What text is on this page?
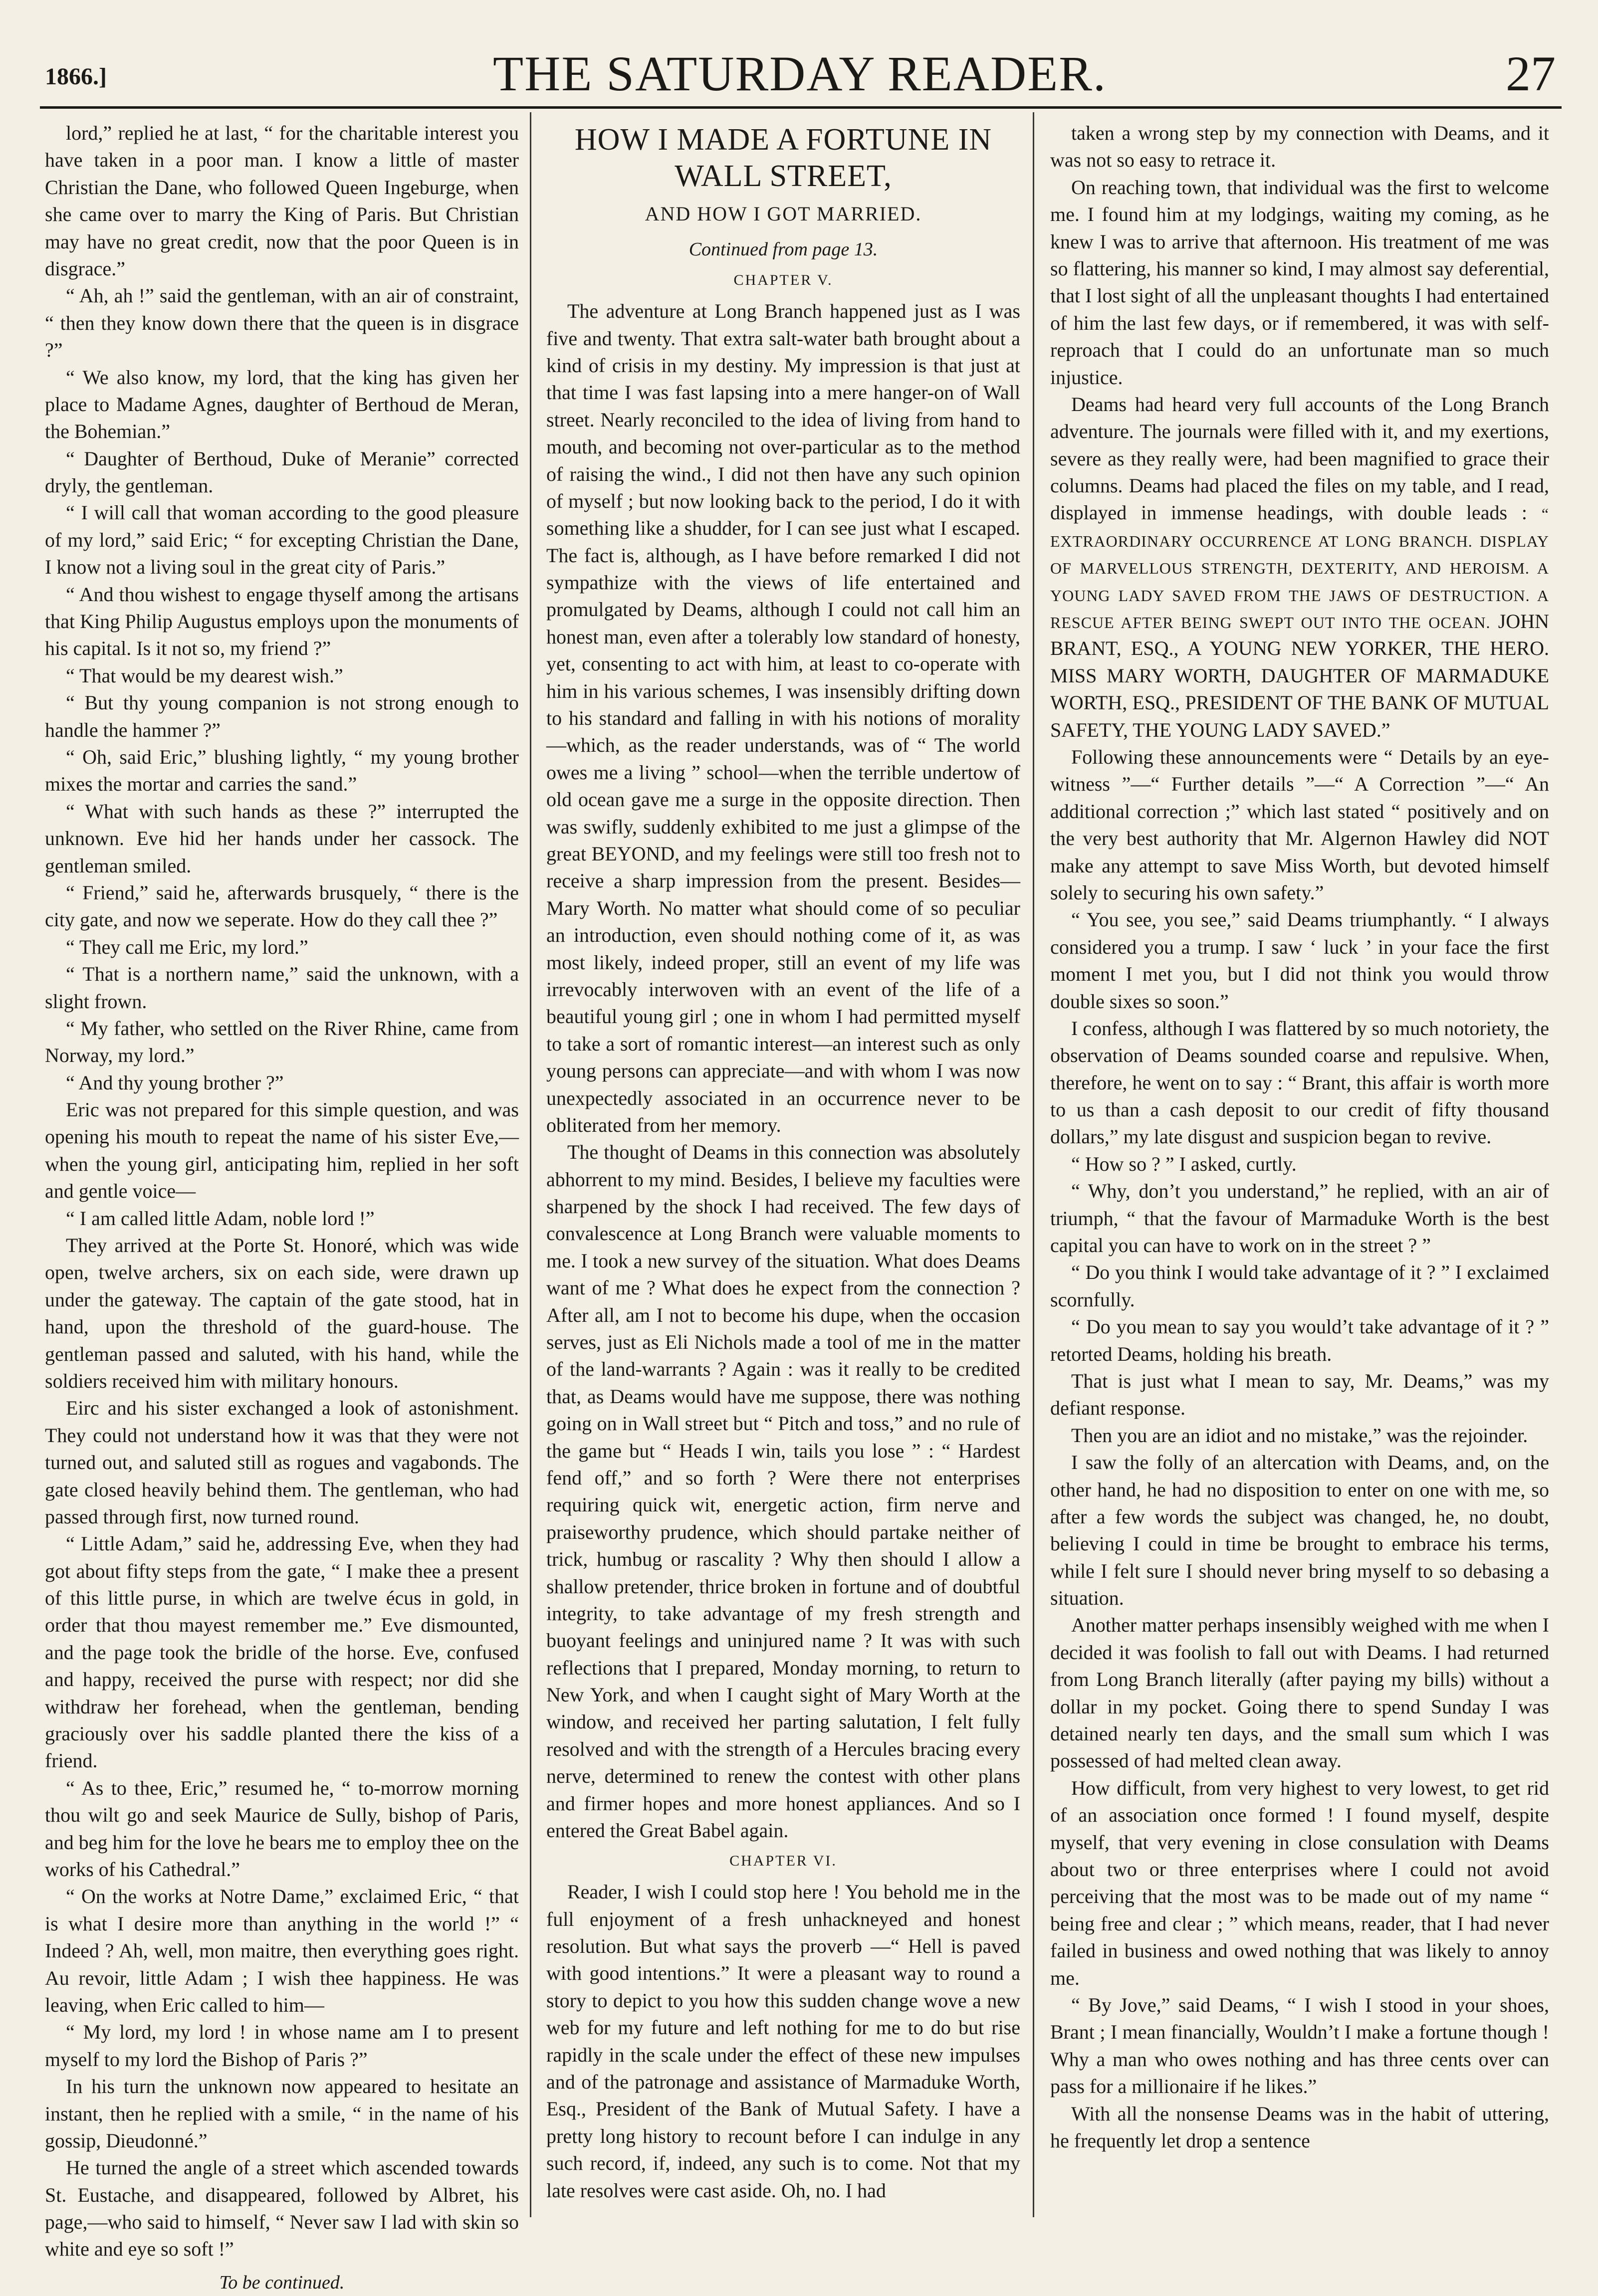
1866.]	THE SATURDAY READER.	27

lord,” replied he at last, “ for the charitable interest you have taken in a poor man. I know a little of master Christian the Dane, who followed Queen Ingeburge, when she came over to marry the King of Paris. But Christian may have no great credit, now that the poor Queen is in disgrace.”

“ Ah, ah !” said the gentleman, with an air of constraint, “ then they know down there that the queen is in disgrace ?”

“ We also know, my lord, that the king has given her place to Madame Agnes, daughter of Berthoud de Meran, the Bohemian.”

“ Daughter of Berthoud, Duke of Meranie” corrected dryly, the gentleman.

“ I will call that woman according to the good pleasure of my lord,” said Eric; “ for excepting Christian the Dane, I know not a living soul in the great city of Paris.”

“ And thou wishest to engage thyself among the artisans that King Philip Augustus employs upon the monuments of his capital. Is it not so, my friend ?”

“ That would be my dearest wish.”

“ But thy young companion is not strong enough to handle the hammer ?”

“ Oh, said Eric,” blushing lightly, “ my young brother mixes the mortar and carries the sand.”

“ What with such hands as these ?” interrupted the unknown. Eve hid her hands under her cassock. The gentleman smiled.

“ Friend,” said he, afterwards brusquely, “ there is the city gate, and now we seperate. How do they call thee ?”

“ They call me Eric, my lord.”

“ That is a northern name,” said the unknown, with a slight frown.

“ My father, who settled on the River Rhine, came from Norway, my lord.”

“ And thy young brother ?”

Eric was not prepared for this simple question, and was opening his mouth to repeat the name of his sister Eve,—when the young girl, anticipating him, replied in her soft and gentle voice—

“ I am called little Adam, noble lord !”

They arrived at the Porte St. Honoré, which was wide open, twelve archers, six on each side, were drawn up under the gateway. The captain of the gate stood, hat in hand, upon the threshold of the guard-house. The gentleman passed and saluted, with his hand, while the soldiers received him with military honours.

Eirc and his sister exchanged a look of astonishment. They could not understand how it was that they were not turned out, and saluted still as rogues and vagabonds. The gate closed heavily behind them. The gentleman, who had passed through first, now turned round.

“ Little Adam,” said he, addressing Eve, when they had got about fifty steps from the gate, “ I make thee a present of this little purse, in which are twelve écus in gold, in order that thou mayest remember me.” Eve dismounted, and the page took the bridle of the horse. Eve, confused and happy, received the purse with respect; nor did she withdraw her forehead, when the gentleman, bending graciously over his saddle planted there the kiss of a friend.

“ As to thee, Eric,” resumed he, “ to-morrow morning thou wilt go and seek Maurice de Sully, bishop of Paris, and beg him for the love he bears me to employ thee on the works of his Cathedral.”

“ On the works at Notre Dame,” exclaimed Eric, “ that is what I desire more than anything in the world !” “ Indeed ? Ah, well, mon maitre, then everything goes right. Au revoir, little Adam ; I wish thee happiness. He was leaving, when Eric called to him—

“ My lord, my lord ! in whose name am I to present myself to my lord the Bishop of Paris ?”

In his turn the unknown now appeared to hesitate an instant, then he replied with a smile, “ in the name of his gossip, Dieudonné.”

He turned the angle of a street which ascended towards St. Eustache, and disappeared, followed by Albret, his page,—who said to himself, “ Never saw I lad with skin so white and eye so soft !”

To be continued.
HOW I MADE A FORTUNE IN WALL STREET,
AND HOW I GOT MARRIED.
Continued from page 13.
CHAPTER V.

The adventure at Long Branch happened just as I was five and twenty. That extra salt-water bath brought about a kind of crisis in my destiny. My impression is that just at that time I was fast lapsing into a mere hanger-on of Wall street. Nearly reconciled to the idea of living from hand to mouth, and becoming not over-particular as to the method of raising the wind., I did not then have any such opinion of myself ; but now looking back to the period, I do it with something like a shudder, for I can see just what I escaped. The fact is, although, as I have before remarked I did not sympathize with the views of life entertained and promulgated by Deams, although I could not call him an honest man, even after a tolerably low standard of honesty, yet, consenting to act with him, at least to co-operate with him in his various schemes, I was insensibly drifting down to his standard and falling in with his notions of morality—which, as the reader understands, was of “ The world owes me a living ” school—when the terrible undertow of old ocean gave me a surge in the opposite direction. Then was swifly, suddenly exhibited to me just a glimpse of the great BEYOND, and my feelings were still too fresh not to receive a sharp impression from the present. Besides—Mary Worth. No matter what should come of so peculiar an introduction, even should nothing come of it, as was most likely, indeed proper, still an event of my life was irrevocably interwoven with an event of the life of a beautiful young girl ; one in whom I had permitted myself to take a sort of romantic interest—an interest such as only young persons can appreciate—and with whom I was now unexpectedly associated in an occurrence never to be obliterated from her memory.

The thought of Deams in this connection was absolutely abhorrent to my mind. Besides, I believe my faculties were sharpened by the shock I had received. The few days of convalescence at Long Branch were valuable moments to me. I took a new survey of the situation. What does Deams want of me ? What does he expect from the connection ? After all, am I not to become his dupe, when the occasion serves, just as Eli Nichols made a tool of me in the matter of the land-warrants ? Again : was it really to be credited that, as Deams would have me suppose, there was nothing going on in Wall street but “ Pitch and toss,” and no rule of the game but “ Heads I win, tails you lose ” : “ Hardest fend off,” and so forth ? Were there not enterprises requiring quick wit, energetic action, firm nerve and praiseworthy prudence, which should partake neither of trick, humbug or rascality ? Why then should I allow a shallow pretender, thrice broken in fortune and of doubtful integrity, to take advantage of my fresh strength and buoyant feelings and uninjured name ? It was with such reflections that I prepared, Monday morning, to return to New York, and when I caught sight of Mary Worth at the window, and received her parting salutation, I felt fully resolved and with the strength of a Hercules bracing every nerve, determined to renew the contest with other plans and firmer hopes and more honest appliances. And so I entered the Great Babel again.

CHAPTER VI.

Reader, I wish I could stop here ! You behold me in the full enjoyment of a fresh unhackneyed and honest resolution. But what says the proverb —“ Hell is paved with good intentions.” It were a pleasant way to round a story to depict to you how this sudden change wove a new web for my future and left nothing for me to do but rise rapidly in the scale under the effect of these new impulses and of the patronage and assistance of Marmaduke Worth, Esq., President of the Bank of Mutual Safety. I have a pretty long history to recount before I can indulge in any such record, if, indeed, any such is to come. Not that my late resolves were cast aside. Oh, no. I had

taken a wrong step by my connection with Deams, and it was not so easy to retrace it.

On reaching town, that individual was the first to welcome me. I found him at my lodgings, waiting my coming, as he knew I was to arrive that afternoon. His treatment of me was so flattering, his manner so kind, I may almost say deferential, that I lost sight of all the unpleasant thoughts I had entertained of him the last few days, or if remembered, it was with self-reproach that I could do an unfortunate man so much injustice.

Deams had heard very full accounts of the Long Branch adventure. The journals were filled with it, and my exertions, severe as they really were, had been magnified to grace their columns. Deams had placed the files on my table, and I read, displayed in immense headings, with double leads : “ EXTRAORDINARY OCCURRENCE AT LONG BRANCH. DISPLAY OF MARVELLOUS STRENGTH, DEXTERITY, AND HEROISM. A YOUNG LADY SAVED FROM THE JAWS OF DESTRUCTION. A RESCUE AFTER BEING SWEPT OUT INTO THE OCEAN. JOHN BRANT, ESQ., A YOUNG NEW YORKER, THE HERO. MISS MARY WORTH, DAUGHTER OF MARMADUKE WORTH, ESQ., PRESIDENT OF THE BANK OF MUTUAL SAFETY, THE YOUNG LADY SAVED.”

Following these announcements were “ Details by an eye-witness ”—“ Further details ”—“ A Correction ”—“ An additional correction ;” which last stated “ positively and on the very best authority that Mr. Algernon Hawley did NOT make any attempt to save Miss Worth, but devoted himself solely to securing his own safety.”

“ You see, you see,” said Deams triumphantly. “ I always considered you a trump. I saw ‘ luck ’ in your face the first moment I met you, but I did not think you would throw double sixes so soon.”

I confess, although I was flattered by so much notoriety, the observation of Deams sounded coarse and repulsive. When, therefore, he went on to say : “ Brant, this affair is worth more to us than a cash deposit to our credit of fifty thousand dollars,” my late disgust and suspicion began to revive.

“ How so ? ” I asked, curtly.

“ Why, don’t you understand,” he replied, with an air of triumph, “ that the favour of Marmaduke Worth is the best capital you can have to work on in the street ? ”

“ Do you think I would take advantage of it ? ” I exclaimed scornfully.

“ Do you mean to say you would’t take advantage of it ? ” retorted Deams, holding his breath.

That is just what I mean to say, Mr. Deams,” was my defiant response.

Then you are an idiot and no mistake,” was the rejoinder.

I saw the folly of an altercation with Deams, and, on the other hand, he had no disposition to enter on one with me, so after a few words the subject was changed, he, no doubt, believing I could in time be brought to embrace his terms, while I felt sure I should never bring myself to so debasing a situation.

Another matter perhaps insensibly weighed with me when I decided it was foolish to fall out with Deams. I had returned from Long Branch literally (after paying my bills) without a dollar in my pocket. Going there to spend Sunday I was detained nearly ten days, and the small sum which I was possessed of had melted clean away.

How difficult, from very highest to very lowest, to get rid of an association once formed ! I found myself, despite myself, that very evening in close consulation with Deams about two or three enterprises where I could not avoid perceiving that the most was to be made out of my name “ being free and clear ; ” which means, reader, that I had never failed in business and owed nothing that was likely to annoy me.

“ By Jove,” said Deams, “ I wish I stood in your shoes, Brant ; I mean financially, Wouldn’t I make a fortune though ! Why a man who owes nothing and has three cents over can pass for a millionaire if he likes.”

With all the nonsense Deams was in the habit of uttering, he frequently let drop a sentence
